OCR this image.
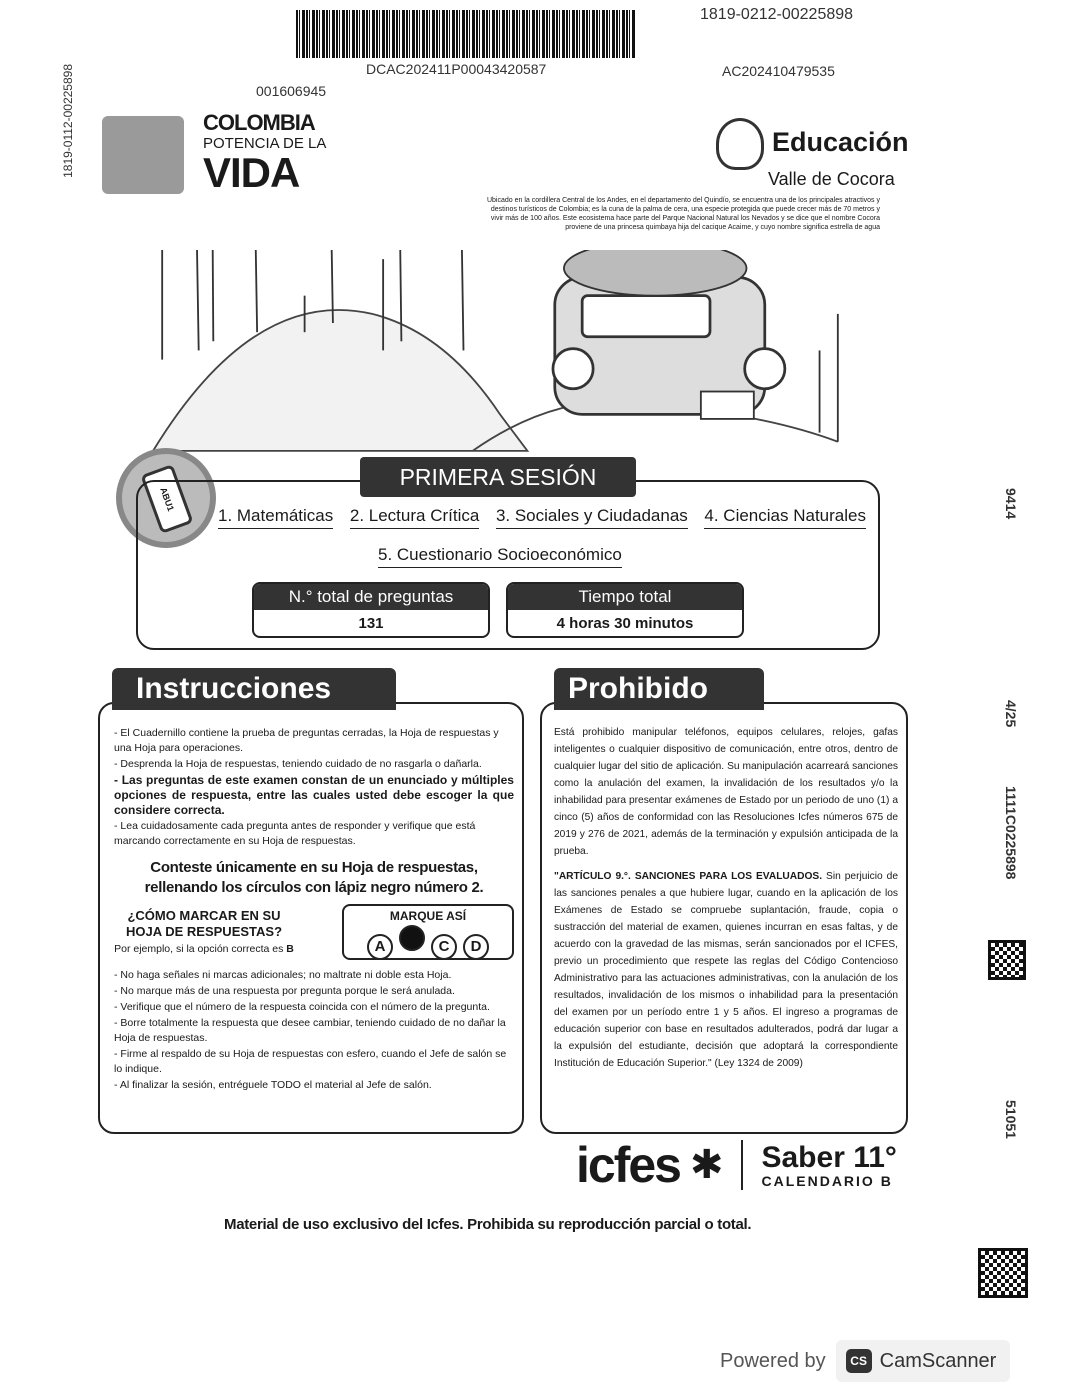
1819-0212-00225898
DCAC202411P00043420587	AC202410479535
001606945
1819-0112-00225898	COLOMBIA
POTENCIA DE LA
VIDA
Educación
Valle de Cocora
Ubicado en la cordillera Central de los Andes, en el departamento del Quindío, se encuentra una de los principales atractivos y destinos turísticos de Colombia; es la cuna de la palma de cera, una especie protegida que puede crecer más de 70 metros y vivir más de 100 años. Este ecosistema hace parte del Parque Nacional Natural los Nevados y se dice que el nombre Cocora proviene de una princesa quimbaya hija del cacique Acaime, y cuyo nombre significa estrella de agua
ABU1
PRIMERA SESIÓN
1. Matemáticas 2. Lectura Crítica 3. Sociales y Ciudadanas 4. Ciencias Naturales
5. Cuestionario Socioeconómico
N.° total de preguntas
131
Tiempo total
4 horas 30 minutos
Instrucciones

- El Cuadernillo contiene la prueba de preguntas cerradas, la Hoja de respuestas y una Hoja para operaciones.

- Desprenda la Hoja de respuestas, teniendo cuidado de no rasgarla o dañarla.

- Las preguntas de este examen constan de un enunciado y múltiples opciones de respuesta, entre las cuales usted debe escoger la que considere correcta.

- Lea cuidadosamente cada pregunta antes de responder y verifique que está marcando correctamente en su Hoja de respuestas.

Conteste únicamente en su Hoja de respuestas, rellenando los círculos con lápiz negro número 2.
¿CÓMO MARCAR EN SU HOJA DE RESPUESTAS?
Por ejemplo, si la opción correcta es B
MARQUE ASÍ
A	C D

- No haga señales ni marcas adicionales; no maltrate ni doble esta Hoja.

- No marque más de una respuesta por pregunta porque le será anulada.

- Verifique que el número de la respuesta coincida con el número de la pregunta.

- Borre totalmente la respuesta que desee cambiar, teniendo cuidado de no dañar la Hoja de respuestas.

- Firme al respaldo de su Hoja de respuestas con esfero, cuando el Jefe de salón se lo indique.

- Al finalizar la sesión, entréguele TODO el material al Jefe de salón.

Prohibido

Está prohibido manipular teléfonos, equipos celulares, relojes, gafas inteligentes o cualquier dispositivo de comunicación, entre otros, dentro de cualquier lugar del sitio de aplicación. Su manipulación acarreará sanciones como la anulación del examen, la invalidación de los resultados y/o la inhabilidad para presentar exámenes de Estado por un periodo de uno (1) a cinco (5) años de conformidad con las Resoluciones Icfes números 675 de 2019 y 276 de 2021, además de la terminación y expulsión anticipada de la prueba.

"ARTÍCULO 9.°. SANCIONES PARA LOS EVALUADOS. Sin perjuicio de las sanciones penales a que hubiere lugar, cuando en la aplicación de los Exámenes de Estado se compruebe suplantación, fraude, copia o sustracción del material de examen, quienes incurran en esas faltas, y de acuerdo con la gravedad de las mismas, serán sancionados por el ICFES, previo un procedimiento que respete las reglas del Código Contencioso Administrativo para las actuaciones administrativas, con la anulación de los resultados, invalidación de los mismos o inhabilidad para la presentación del examen por un período entre 1 y 5 años. El ingreso a programas de educación superior con base en resultados adulterados, podrá dar lugar a la expulsión del estudiante, decisión que adoptará la correspondiente Institución de Educación Superior." (Ley 1324 de 2009)

icfes ✱ Saber 11°
CALENDARIO B
Material de uso exclusivo del Icfes. Prohibida su reproducción parcial o total.
9414
4/25
1111C0225898
51051
Powered by	CS CamScanner
